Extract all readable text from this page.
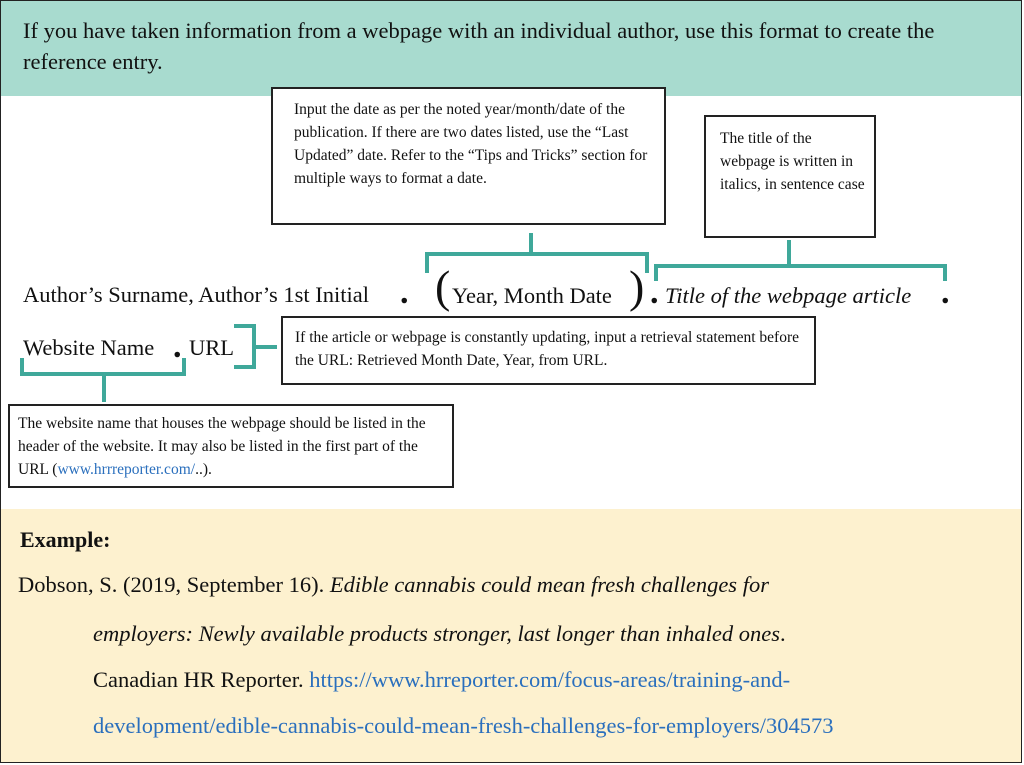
If you have taken information from a webpage with an individual author, use this format to create the reference entry.
Input the date as per the noted year/month/date of the publication. If there are two dates listed, use the “Last Updated” date. Refer to the “Tips and Tricks” section for multiple ways to format a date.
The title of the webpage is written in italics, in sentence case
If the article or webpage is constantly updating, input a retrieval statement before the URL: Retrieved Month Date, Year, from URL.
The website name that houses the webpage should be listed in the header of the website. It may also be listed in the first part of the URL (www.hrrreporter.com/..).
Author’s Surname, Author’s 1st Initial . ( Year, Month Date ) . Title of the webpage article .
Website Name . URL
Example:
Dobson, S. (2019, September 16). Edible cannabis could mean fresh challenges for
employers: Newly available products stronger, last longer than inhaled ones.
Canadian HR Reporter. https://www.hrreporter.com/focus-areas/training-and-
development/edible-cannabis-could-mean-fresh-challenges-for-employers/304573
